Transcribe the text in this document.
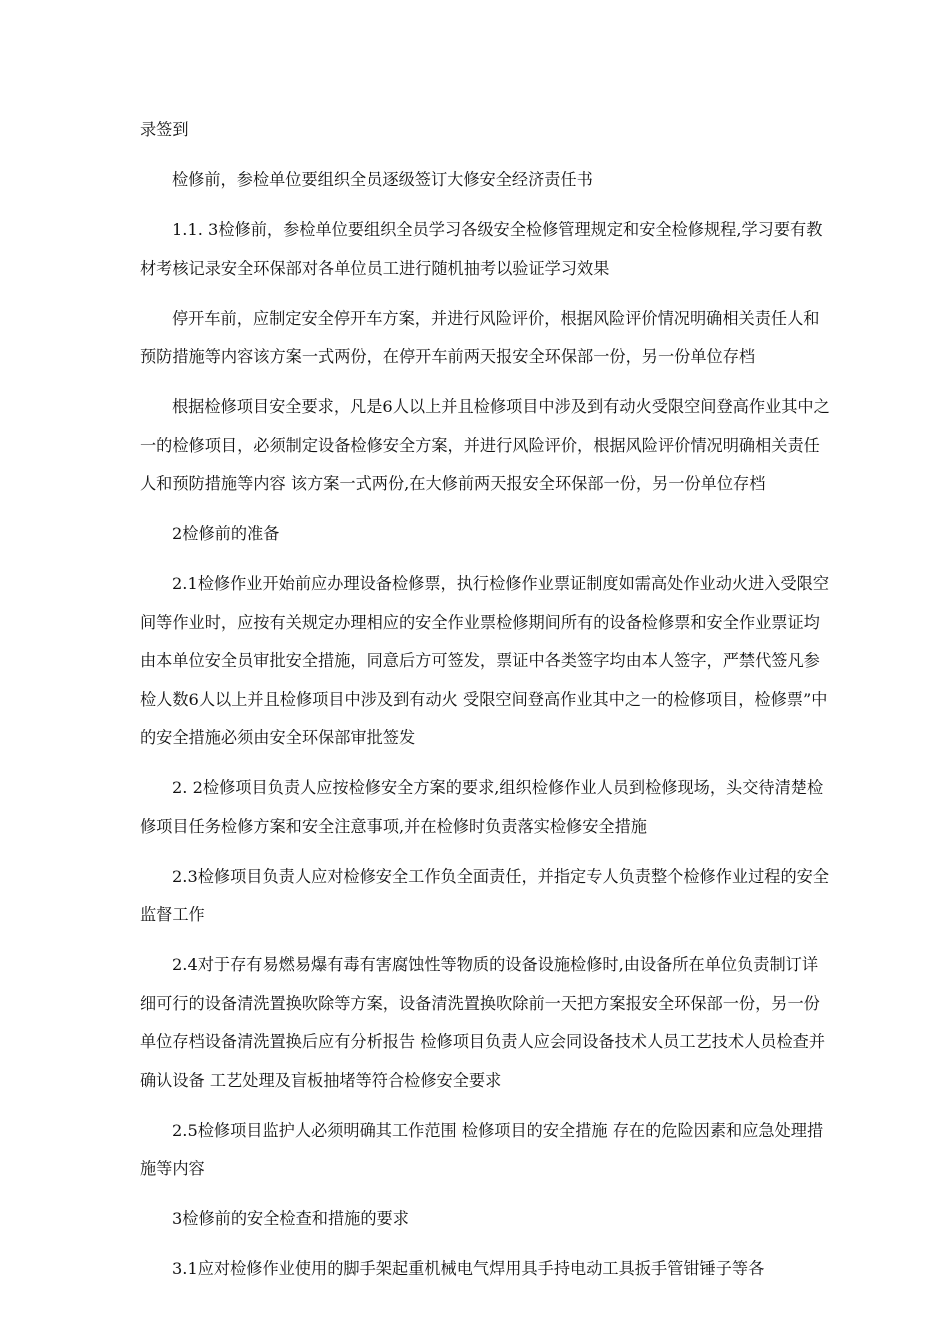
录签到

检修前，参检单位要组织全员逐级签订大修安全经济责任书

1.1. 3检修前，参检单位要组织全员学习各级安全检修管理规定和安全检修规程,学习要有教材考核记录安全环保部对各单位员工进行随机抽考以验证学习效果

停开车前，应制定安全停开车方案，并进行风险评价，根据风险评价情况明确相关责任人和预防措施等内容该方案一式两份，在停开车前两天报安全环保部一份，另一份单位存档

根据检修项目安全要求，凡是6人以上并且检修项目中涉及到有动火受限空间登高作业其中之一的检修项目，必须制定设备检修安全方案，并进行风险评价，根据风险评价情况明确相关责任人和预防措施等内容 该方案一式两份,在大修前两天报安全环保部一份，另一份单位存档

2检修前的准备

2.1检修作业开始前应办理设备检修票，执行检修作业票证制度如需高处作业动火进入受限空间等作业时，应按有关规定办理相应的安全作业票检修期间所有的设备检修票和安全作业票证均由本单位安全员审批安全措施，同意后方可签发，票证中各类签字均由本人签字，严禁代签凡参检人数6人以上并且检修项目中涉及到有动火 受限空间登高作业其中之一的检修项目，检修票”中的安全措施必须由安全环保部审批签发

2. 2检修项目负责人应按检修安全方案的要求,组织检修作业人员到检修现场，头交待清楚检修项目任务检修方案和安全注意事项,并在检修时负责落实检修安全措施

2.3检修项目负责人应对检修安全工作负全面责任，并指定专人负责整个检修作业过程的安全监督工作

2.4对于存有易燃易爆有毒有害腐蚀性等物质的设备设施检修时,由设备所在单位负责制订详细可行的设备清洗置换吹除等方案，设备清洗置换吹除前一天把方案报安全环保部一份，另一份单位存档设备清洗置换后应有分析报告 检修项目负责人应会同设备技术人员工艺技术人员检查并确认设备 工艺处理及盲板抽堵等符合检修安全要求

2.5检修项目监护人必须明确其工作范围 检修项目的安全措施 存在的危险因素和应急处理措施等内容

3检修前的安全检查和措施的要求

3.1应对检修作业使用的脚手架起重机械电气焊用具手持电动工具扳手管钳锤子等各
